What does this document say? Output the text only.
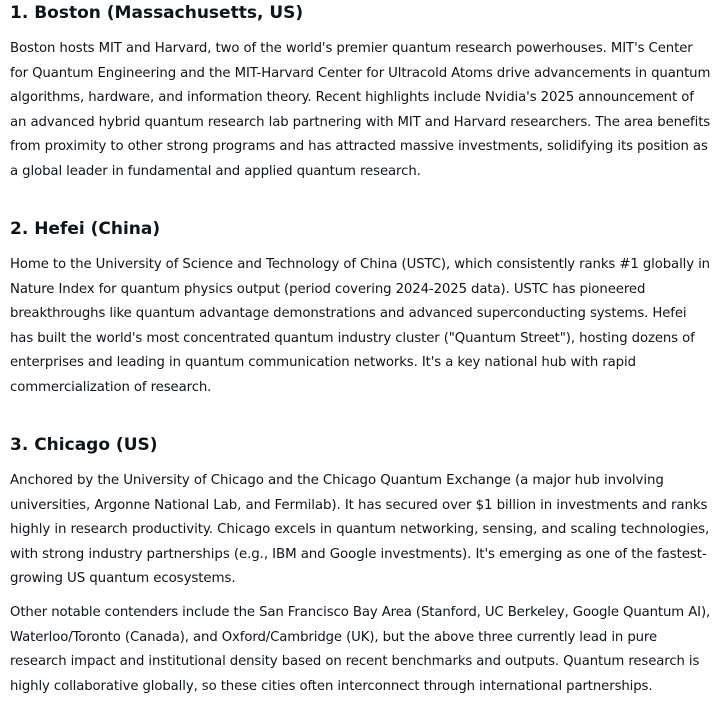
1. Boston (Massachusetts, US)

Boston hosts MIT and Harvard, two of the world's premier quantum research powerhouses. MIT's Center
for Quantum Engineering and the MIT-Harvard Center for Ultracold Atoms drive advancements in quantum
algorithms, hardware, and information theory. Recent highlights include Nvidia's 2025 announcement of
an advanced hybrid quantum research lab partnering with MIT and Harvard researchers. The area benefits
from proximity to other strong programs and has attracted massive investments, solidifying its position as
a global leader in fundamental and applied quantum research.

2. Hefei (China)

Home to the University of Science and Technology of China (USTC), which consistently ranks #1 globally in
Nature Index for quantum physics output (period covering 2024-2025 data). USTC has pioneered
breakthroughs like quantum advantage demonstrations and advanced superconducting systems. Hefei
has built the world's most concentrated quantum industry cluster ("Quantum Street"), hosting dozens of
enterprises and leading in quantum communication networks. It's a key national hub with rapid
commercialization of research.

3. Chicago (US)

Anchored by the University of Chicago and the Chicago Quantum Exchange (a major hub involving
universities, Argonne National Lab, and Fermilab). It has secured over $1 billion in investments and ranks
highly in research productivity. Chicago excels in quantum networking, sensing, and scaling technologies,
with strong industry partnerships (e.g., IBM and Google investments). It's emerging as one of the fastest-
growing US quantum ecosystems.

Other notable contenders include the San Francisco Bay Area (Stanford, UC Berkeley, Google Quantum AI),
Waterloo/Toronto (Canada), and Oxford/Cambridge (UK), but the above three currently lead in pure
research impact and institutional density based on recent benchmarks and outputs. Quantum research is
highly collaborative globally, so these cities often interconnect through international partnerships.
